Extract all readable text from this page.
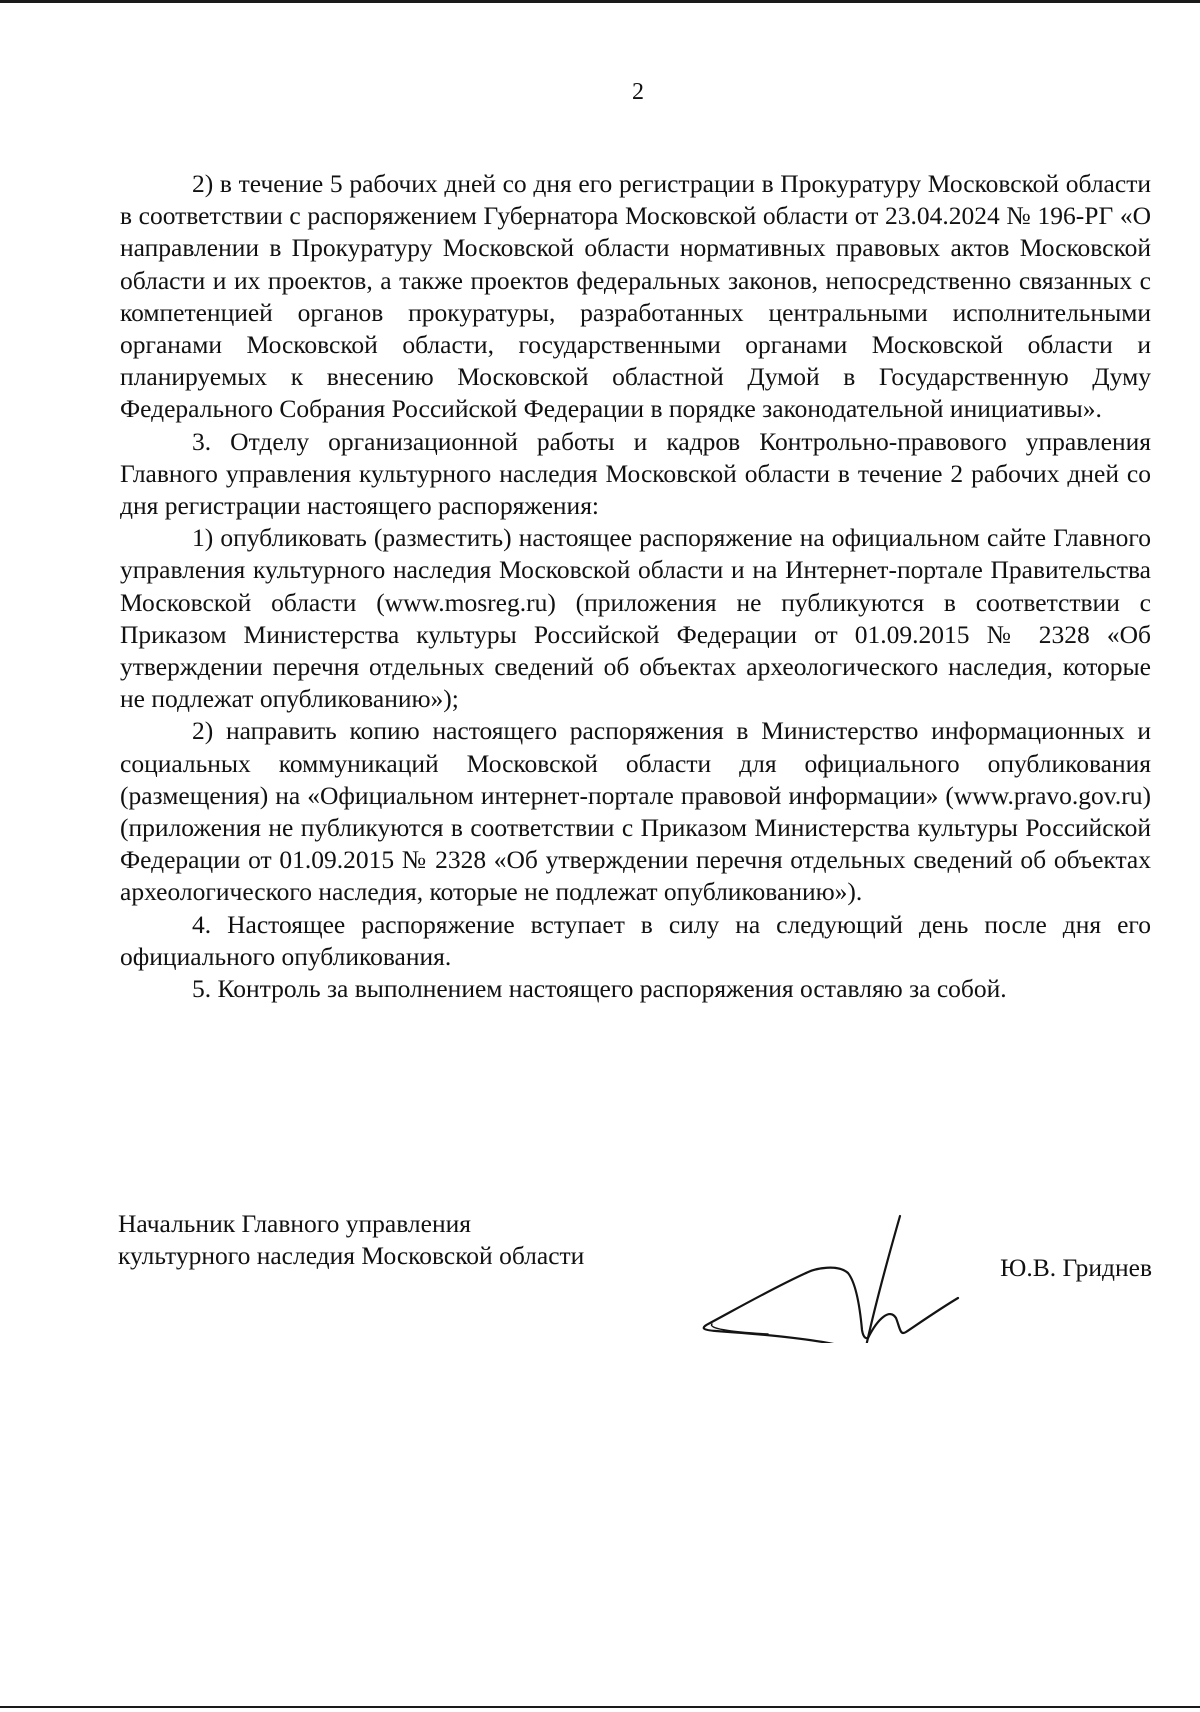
2

2) в течение 5 рабочих дней со дня его регистрации в Прокуратуру Московской области в соответствии с распоряжением Губернатора Московской области от 23.04.2024 № 196-РГ «О направлении в Прокуратуру Московской области нормативных правовых актов Московской области и их проектов, а также проектов федеральных законов, непосредственно связанных с компетенцией органов прокуратуры, разработанных центральными исполнительными органами Московской области, государственными органами Московской области и планируемых к внесению Московской областной Думой в Государственную Думу Федерального Собрания Российской Федерации в порядке законодательной инициативы».

3. Отделу организационной работы и кадров Контрольно-правового управления Главного управления культурного наследия Московской области в течение 2 рабочих дней со дня регистрации настоящего распоряжения:

1) опубликовать (разместить) настоящее распоряжение на официальном сайте Главного управления культурного наследия Московской области и на Интернет-портале Правительства Московской области (www.mosreg.ru) (приложения не публикуются в соответствии с Приказом Министерства культуры Российской Федерации от 01.09.2015 № 2328 «Об утверждении перечня отдельных сведений об объектах археологического наследия, которые не подлежат опубликованию»);

2) направить копию настоящего распоряжения в Министерство информационных и социальных коммуникаций Московской области для официального опубликования (размещения) на «Официальном интернет-портале правовой информации» (www.pravo.gov.ru) (приложения не публикуются в соответствии с Приказом Министерства культуры Российской Федерации от 01.09.2015 № 2328 «Об утверждении перечня отдельных сведений об объектах археологического наследия, которые не подлежат опубликованию»).

4. Настоящее распоряжение вступает в силу на следующий день после дня его официального опубликования.

5. Контроль за выполнением настоящего распоряжения оставляю за собой.

Начальник Главного управления
культурного наследия Московской области	Ю.В. Гриднев
